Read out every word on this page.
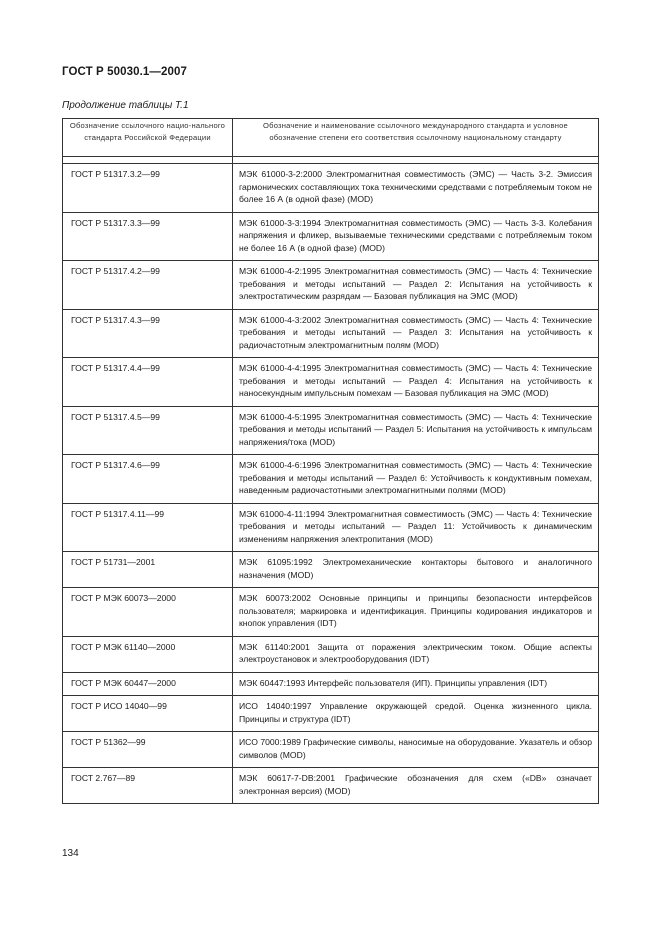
ГОСТ Р 50030.1—2007
Продолжение таблицы Т.1
Обозначение ссылочного нацио-нального стандарта Российской Федерации	Обозначение и наименование ссылочного международного стандарта и условное обозначение степени его соответствия ссылочному национальному стандарту

ГОСТ Р 51317.3.2—99	МЭК 61000-3-2:2000 Электромагнитная совместимость (ЭМС) — Часть 3-2. Эмиссия гармонических составляющих тока техническими средствами с потребляемым током не более 16 А (в одной фазе) (MOD)
ГОСТ Р 51317.3.3—99	МЭК 61000-3-3:1994 Электромагнитная совместимость (ЭМС) — Часть 3-3. Колебания напряжения и фликер, вызываемые техническими средствами с потребляемым током не более 16 А (в одной фазе) (MOD)
ГОСТ Р 51317.4.2—99	МЭК 61000-4-2:1995 Электромагнитная совместимость (ЭМС) — Часть 4: Технические требования и методы испытаний — Раздел 2: Испытания на устойчивость к электростатическим разрядам — Базовая публикация на ЭМС (MOD)
ГОСТ Р 51317.4.3—99	МЭК 61000-4-3:2002 Электромагнитная совместимость (ЭМС) — Часть 4: Технические требования и методы испытаний — Раздел 3: Испытания на устойчивость к радиочастотным электромагнитным полям (MOD)
ГОСТ Р 51317.4.4—99	МЭК 61000-4-4:1995 Электромагнитная совместимость (ЭМС) — Часть 4: Технические требования и методы испытаний — Раздел 4: Испытания на устойчивость к наносекундным импульсным помехам — Базовая публикация на ЭМС (MOD)
ГОСТ Р 51317.4.5—99	МЭК 61000-4-5:1995 Электромагнитная совместимость (ЭМС) — Часть 4: Технические требования и методы испытаний — Раздел 5: Испытания на устойчивость к импульсам напряжения/тока (MOD)
ГОСТ Р 51317.4.6—99	МЭК 61000-4-6:1996 Электромагнитная совместимость (ЭМС) — Часть 4: Технические требования и методы испытаний — Раздел 6: Устойчивость к кондуктивным помехам, наведенным радиочастотными электромагнитными полями (MOD)
ГОСТ Р 51317.4.11—99	МЭК 61000-4-11:1994 Электромагнитная совместимость (ЭМС) — Часть 4: Технические требования и методы испытаний — Раздел 11: Устойчивость к динамическим изменениям напряжения электропитания (MOD)
ГОСТ Р 51731—2001	МЭК 61095:1992 Электромеханические контакторы бытового и аналогичного назначения (MOD)
ГОСТ Р МЭК 60073—2000	МЭК 60073:2002 Основные принципы и принципы безопасности интерфейсов пользователя; маркировка и идентификация. Принципы кодирования индикаторов и кнопок управления (IDT)
ГОСТ Р МЭК 61140—2000	МЭК 61140:2001 Защита от поражения электрическим током. Общие аспекты электроустановок и электрооборудования (IDT)
ГОСТ Р МЭК 60447—2000	МЭК 60447:1993 Интерфейс пользователя (ИП). Принципы управления (IDT)
ГОСТ Р ИСО 14040—99	ИСО 14040:1997 Управление окружающей средой. Оценка жизненного цикла. Принципы и структура (IDT)
ГОСТ Р 51362—99	ИСО 7000:1989 Графические символы, наносимые на оборудование. Указатель и обзор символов (MOD)
ГОСТ 2.767—89	МЭК 60617-7-DB:2001 Графические обозначения для схем («DB» означает электронная версия) (MOD)
134
